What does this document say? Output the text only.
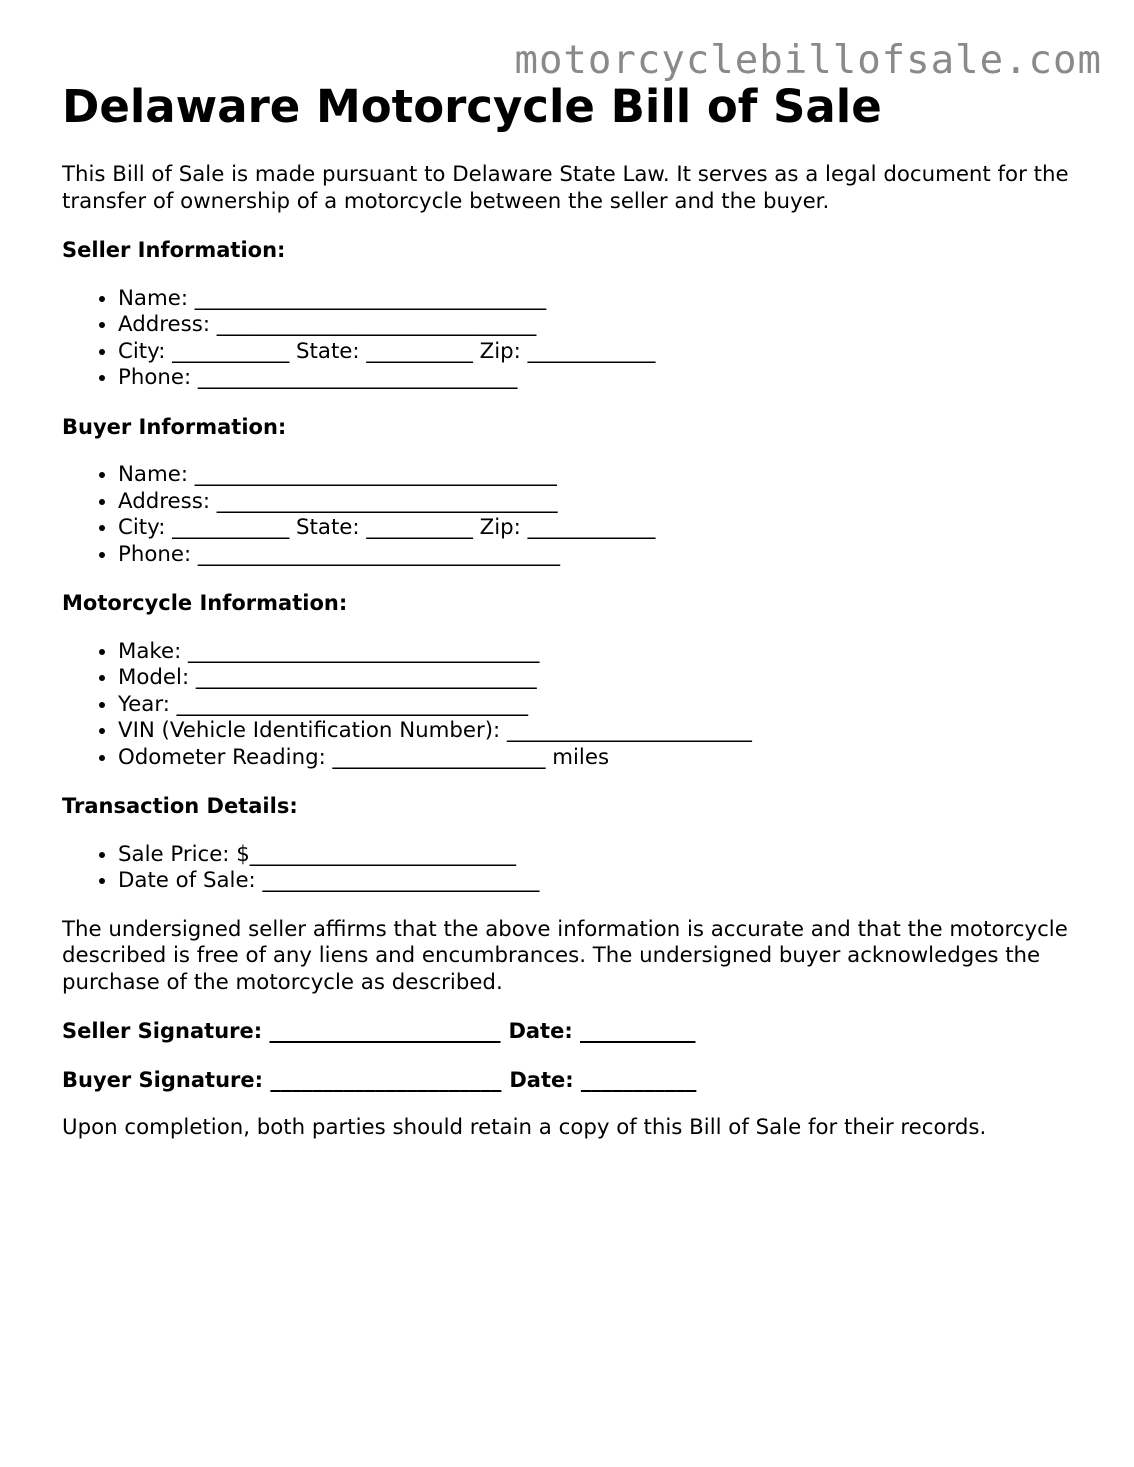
motorcyclebillofsale.com
Delaware Motorcycle Bill of Sale

This Bill of Sale is made pursuant to Delaware State Law. It serves as a legal document for the transfer of ownership of a motorcycle between the seller and the buyer.

Seller Information:
• Name: _________________________________
• Address: ______________________________
• City: ___________ State: __________ Zip: ____________
• Phone: ______________________________
Buyer Information:
• Name: __________________________________
• Address: ________________________________
• City: ___________ State: __________ Zip: ____________
• Phone: __________________________________
Motorcycle Information:
• Make: _________________________________
• Model: ________________________________
• Year: _________________________________
• VIN (Vehicle Identification Number): _______________________
• Odometer Reading: ____________________ miles
Transaction Details:
• Sale Price: $_________________________
• Date of Sale: __________________________

The undersigned seller affirms that the above information is accurate and that the motorcycle described is free of any liens and encumbrances. The undersigned buyer acknowledges the purchase of the motorcycle as described.

Seller Signature: ______________________ Date: ___________
Buyer Signature: ______________________ Date: ___________

Upon completion, both parties should retain a copy of this Bill of Sale for their records.
